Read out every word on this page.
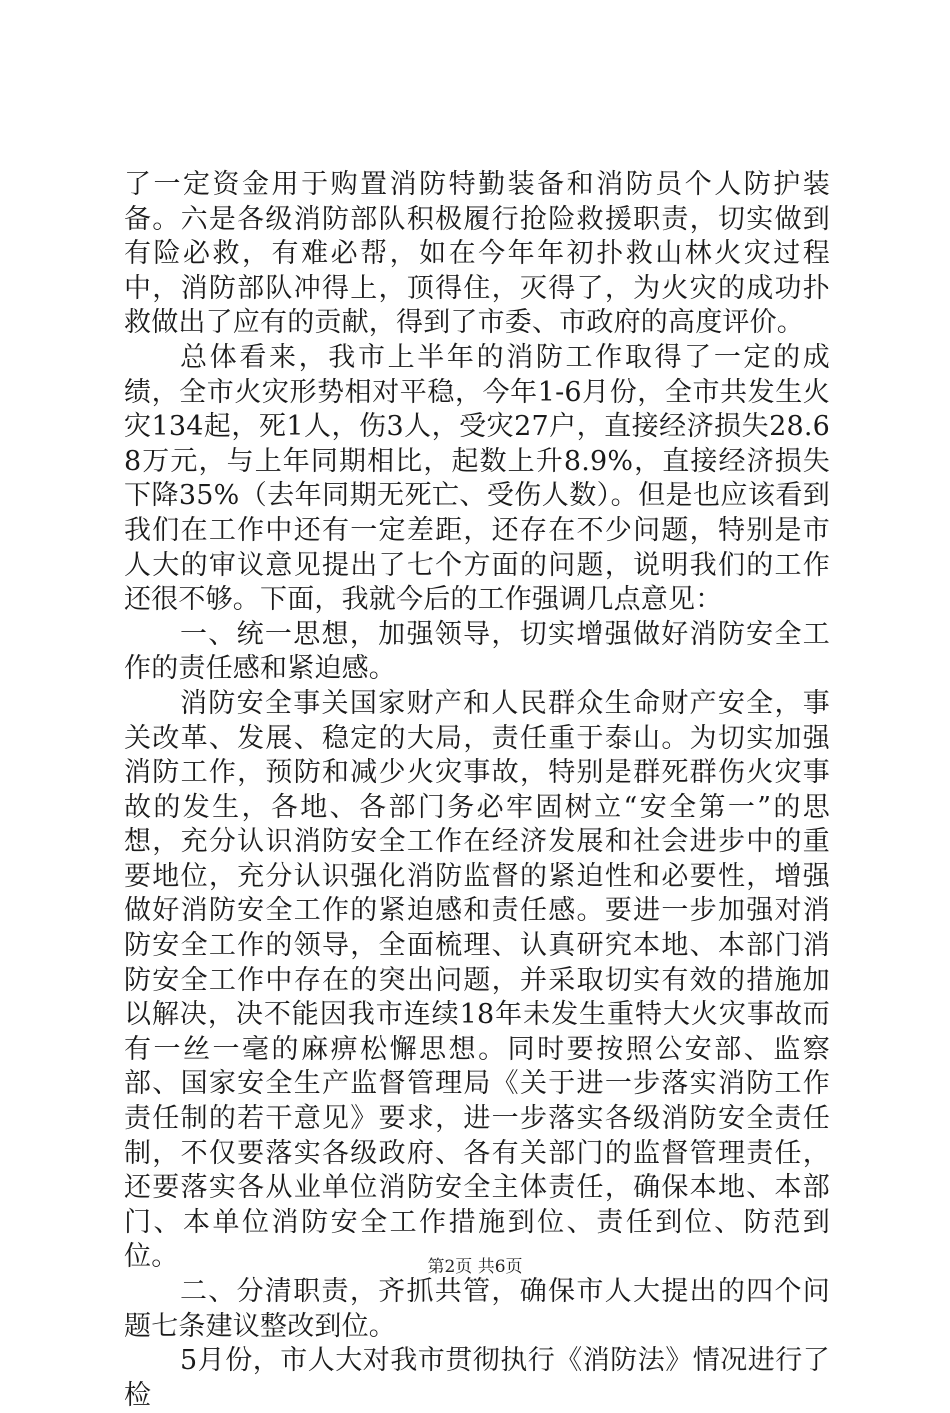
了一定资金用于购置消防特勤装备和消防员个人防护装备。六是各级消防部队积极履行抢险救援职责，切实做到有险必救，有难必帮，如在今年年初扑救山林火灾过程中，消防部队冲得上，顶得住，灭得了，为火灾的成功扑救做出了应有的贡献，得到了市委、市政府的高度评价。

总体看来，我市上半年的消防工作取得了一定的成绩，全市火灾形势相对平稳，今年1-6月份，全市共发生火灾134起，死1人，伤3人，受灾27户，直接经济损失28.68万元，与上年同期相比，起数上升8.9%，直接经济损失下降35%（去年同期无死亡、受伤人数）。但是也应该看到我们在工作中还有一定差距，还存在不少问题，特别是市人大的审议意见提出了七个方面的问题，说明我们的工作还很不够。下面，我就今后的工作强调几点意见：

一、统一思想，加强领导，切实增强做好消防安全工作的责任感和紧迫感。

消防安全事关国家财产和人民群众生命财产安全，事关改革、发展、稳定的大局，责任重于泰山。为切实加强消防工作，预防和减少火灾事故，特别是群死群伤火灾事故的发生，各地、各部门务必牢固树立“安全第一”的思想，充分认识消防安全工作在经济发展和社会进步中的重要地位，充分认识强化消防监督的紧迫性和必要性，增强做好消防安全工作的紧迫感和责任感。要进一步加强对消防安全工作的领导，全面梳理、认真研究本地、本部门消防安全工作中存在的突出问题，并采取切实有效的措施加以解决，决不能因我市连续18年未发生重特大火灾事故而有一丝一毫的麻痹松懈思想。同时要按照公安部、监察部、国家安全生产监督管理局《关于进一步落实消防工作责任制的若干意见》要求，进一步落实各级消防安全责任制，不仅要落实各级政府、各有关部门的监督管理责任，还要落实各从业单位消防安全主体责任，确保本地、本部门、本单位消防安全工作措施到位、责任到位、防范到位。

二、分清职责，齐抓共管，确保市人大提出的四个问题七条建议整改到位。

5月份，市人大对我市贯彻执行《消防法》情况进行了检

第2页 共6页
